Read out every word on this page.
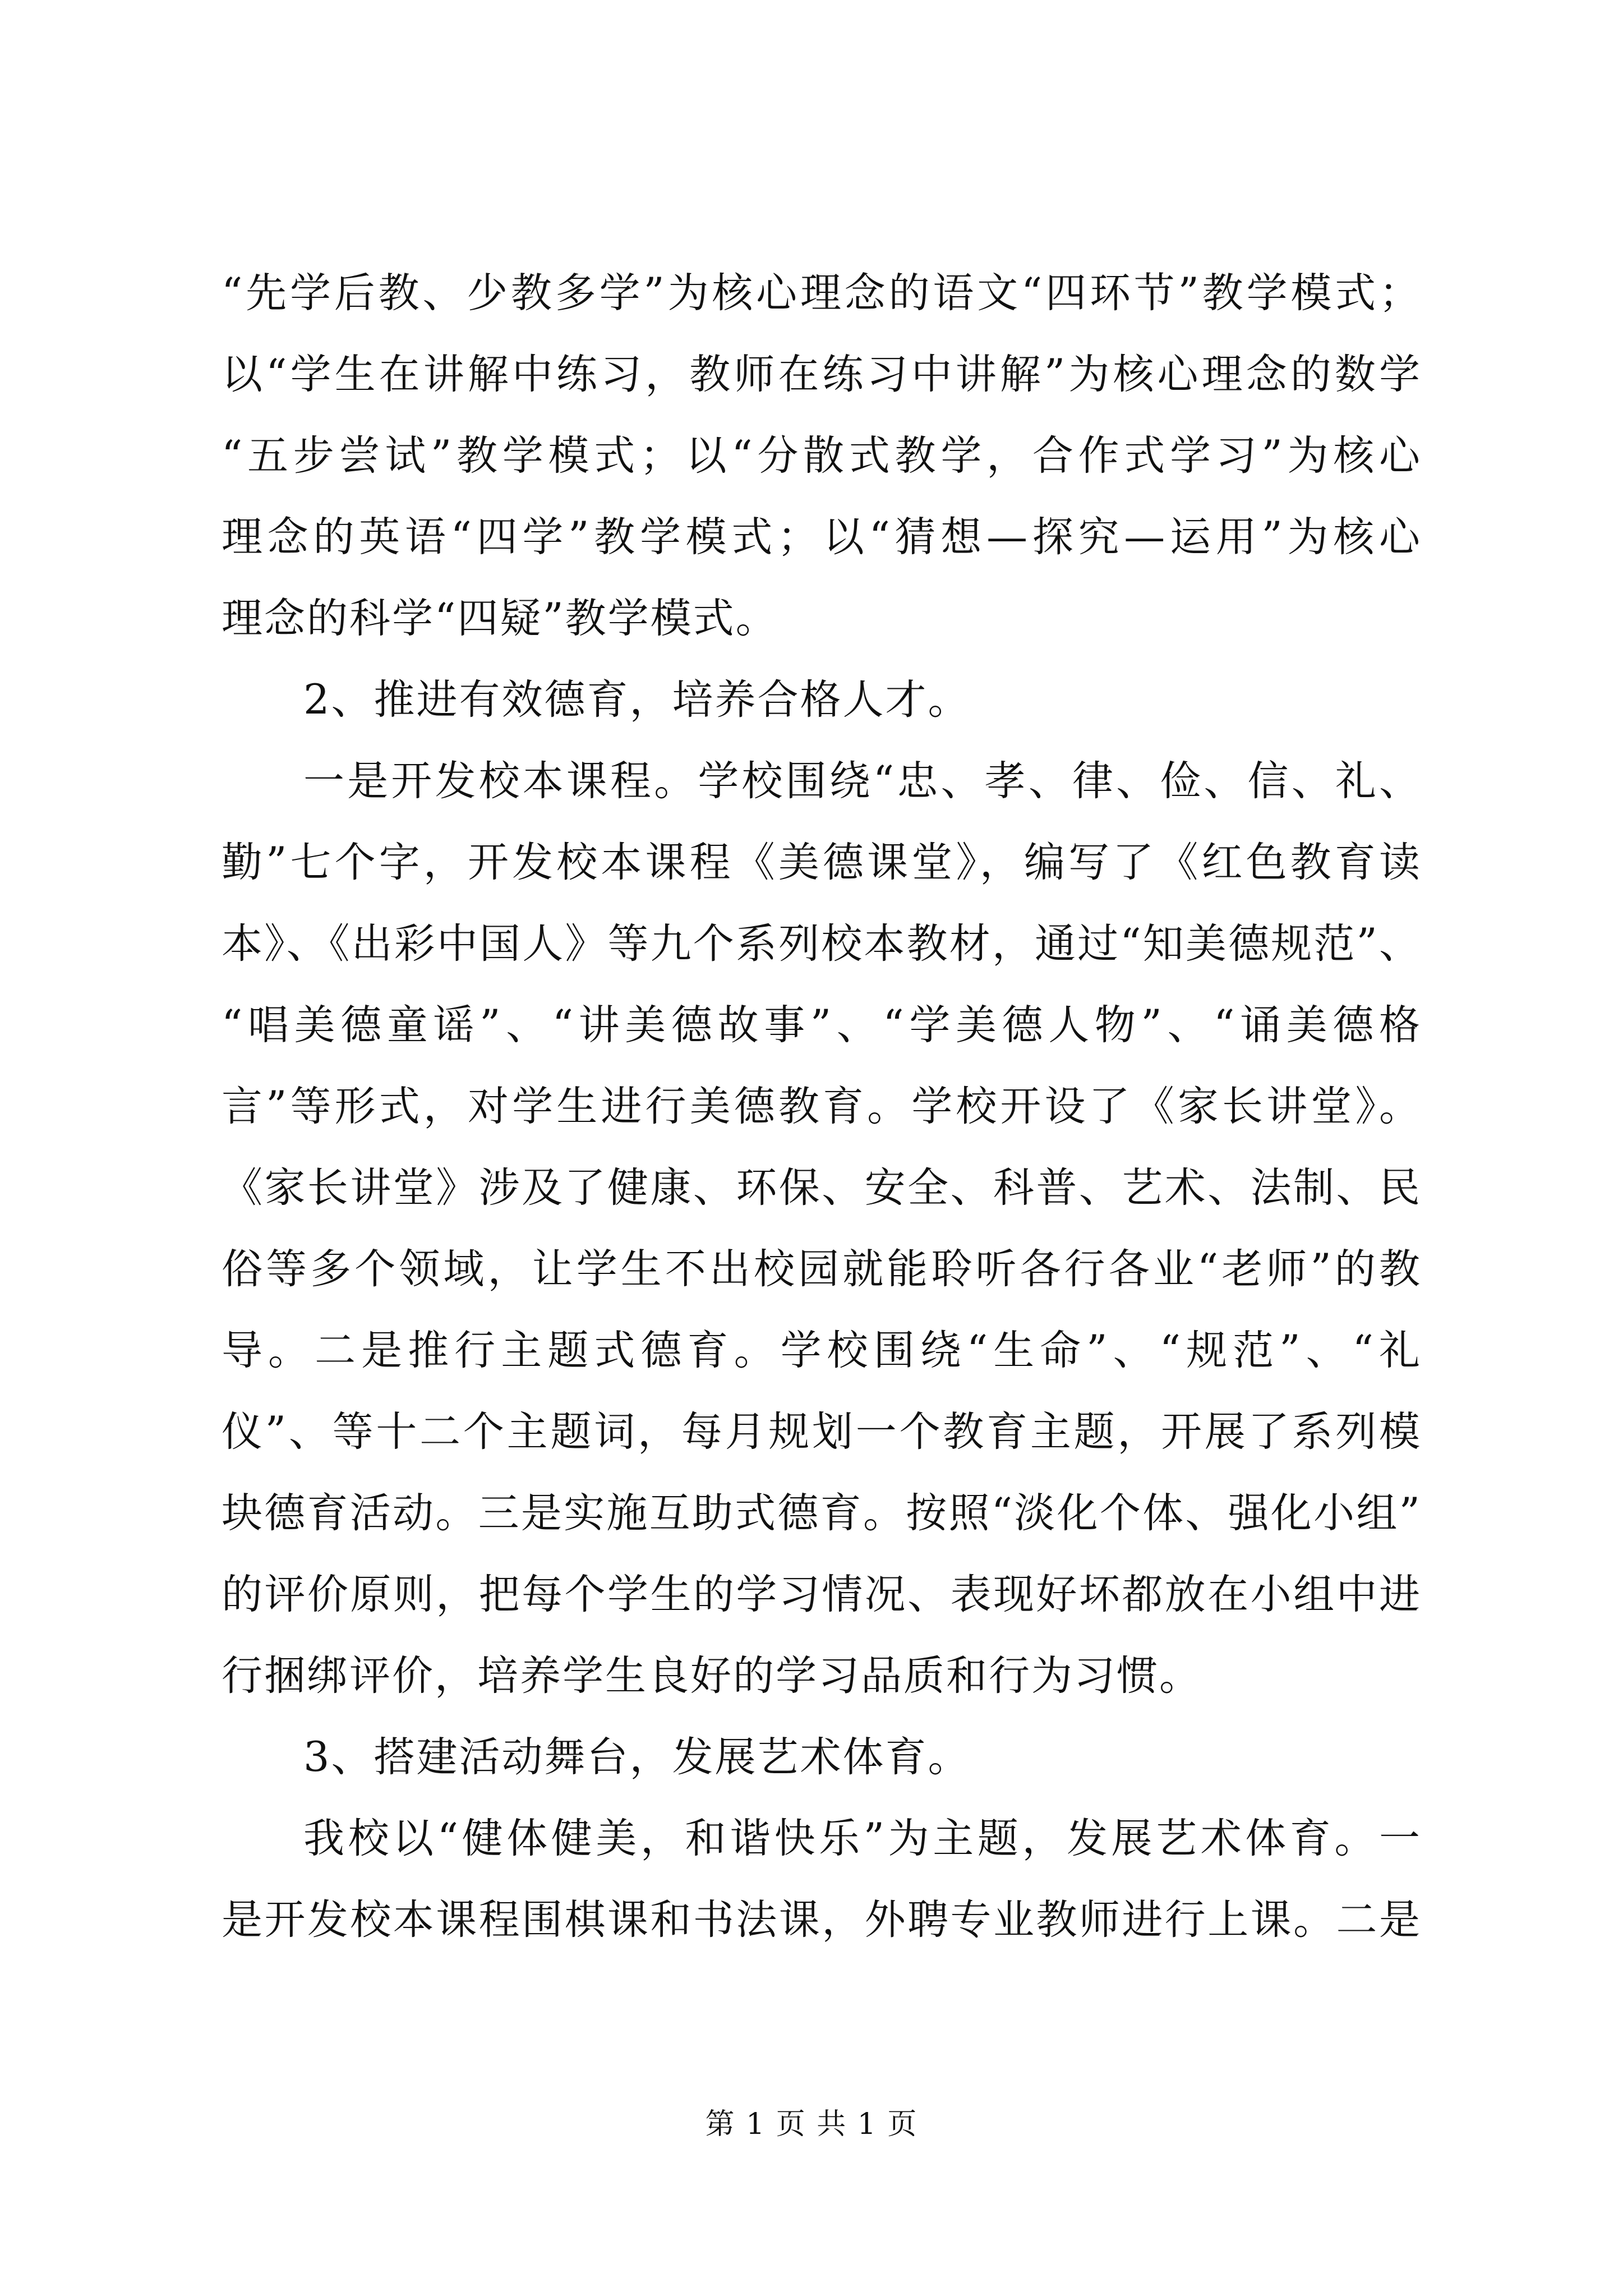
“先学后教、少教多学”为核心理念的语文“四环节”教学模式；
以“学生在讲解中练习，教师在练习中讲解”为核心理念的数学
“五步尝试”教学模式；以“分散式教学，合作式学习”为核心
理念的英语“四学”教学模式；以“猜想—探究—运用”为核心
理念的科学“四疑”教学模式。
2、推进有效德育，培养合格人才。
一是开发校本课程。学校围绕“忠、孝、律、俭、信、礼、
勤”七个字，开发校本课程《美德课堂》，编写了《红色教育读
本》、《出彩中国人》等九个系列校本教材，通过“知美德规范”、
“唱美德童谣”、“讲美德故事”、“学美德人物”、“诵美德格
言”等形式，对学生进行美德教育。学校开设了《家长讲堂》。
《家长讲堂》涉及了健康、环保、安全、科普、艺术、法制、民
俗等多个领域，让学生不出校园就能聆听各行各业“老师”的教
导。二是推行主题式德育。学校围绕“生命”、“规范”、“礼
仪”、等十二个主题词，每月规划一个教育主题，开展了系列模
块德育活动。三是实施互助式德育。按照“淡化个体、强化小组”
的评价原则，把每个学生的学习情况、表现好坏都放在小组中进
行捆绑评价，培养学生良好的学习品质和行为习惯。
3、搭建活动舞台，发展艺术体育。
我校以“健体健美，和谐快乐”为主题，发展艺术体育。一
是开发校本课程围棋课和书法课，外聘专业教师进行上课。二是
第 1 页 共 1 页
